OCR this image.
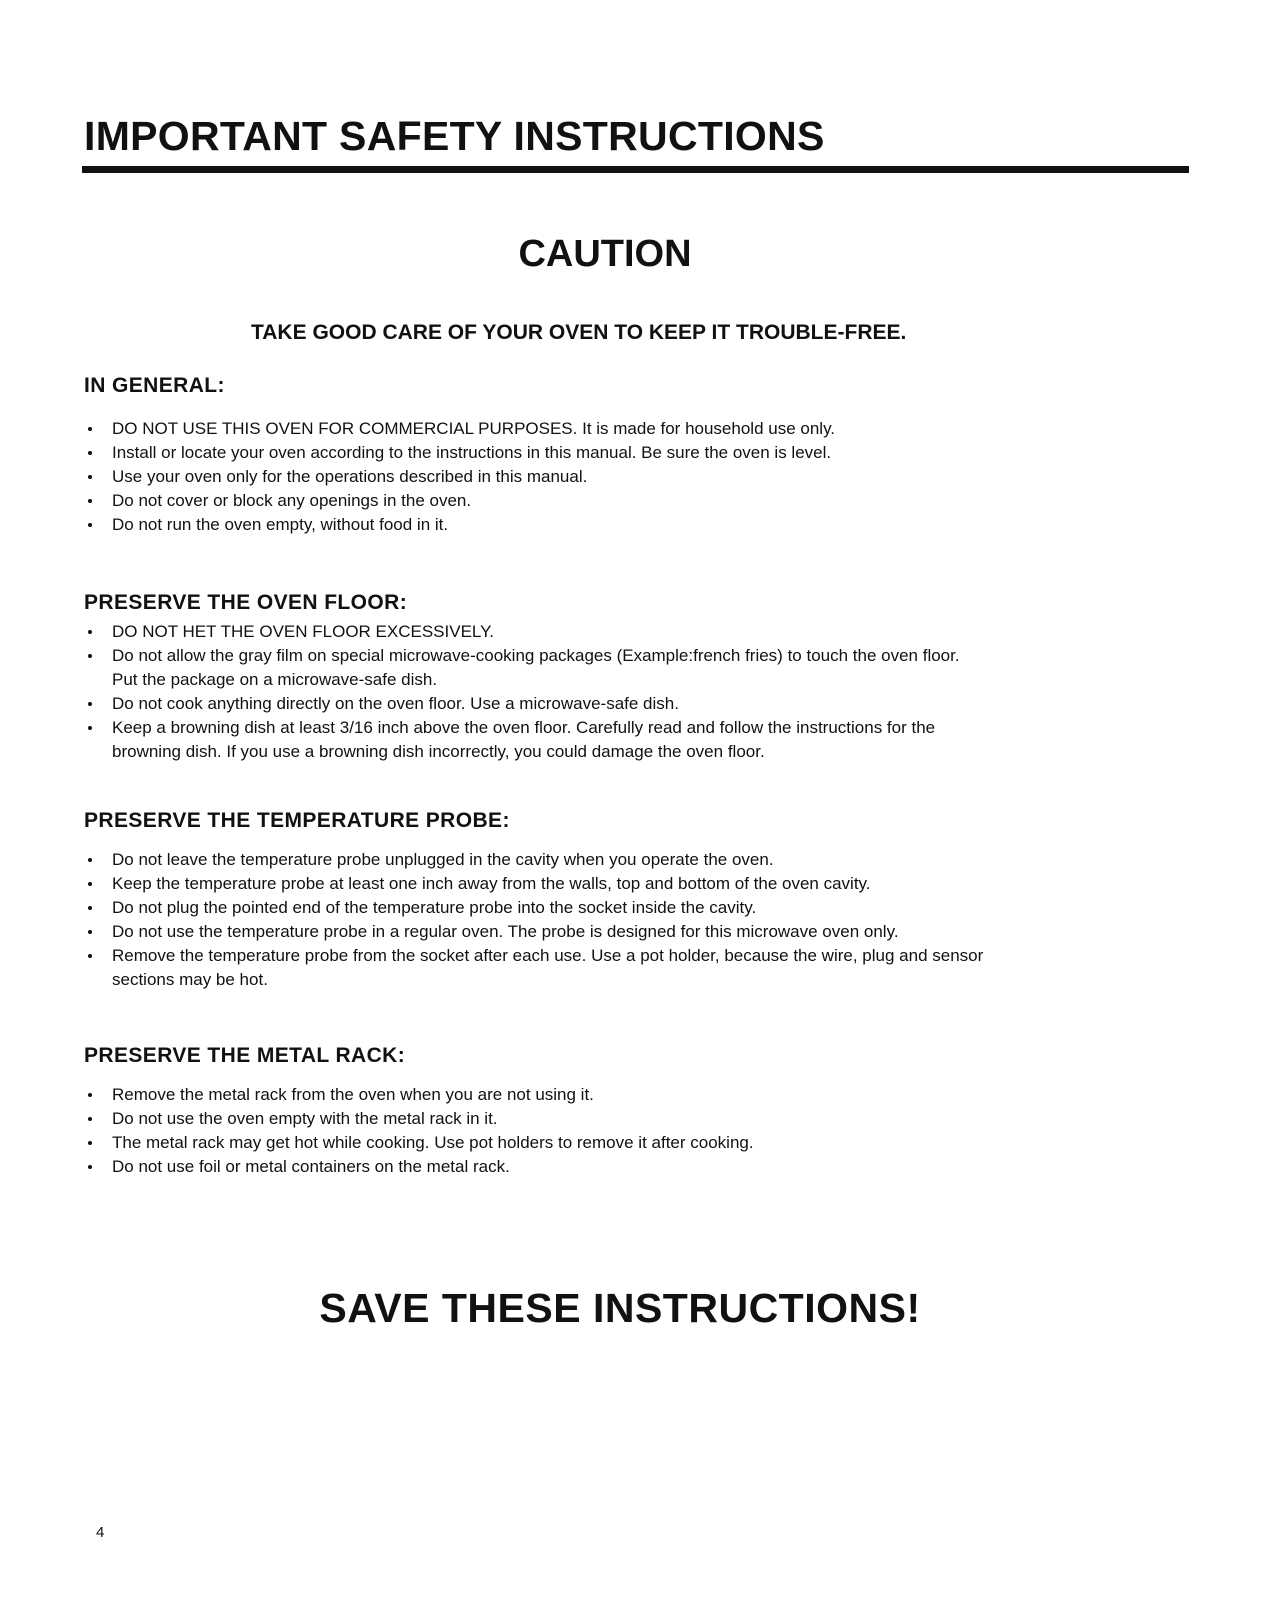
IMPORTANT SAFETY INSTRUCTIONS
CAUTION

TAKE GOOD CARE OF YOUR OVEN TO KEEP IT TROUBLE-FREE.

IN GENERAL:
DO NOT USE THIS OVEN FOR COMMERCIAL PURPOSES. It is made for household use only.
Install or locate your oven according to the instructions in this manual. Be sure the oven is level.
Use your oven only for the operations described in this manual.
Do not cover or block any openings in the oven.
Do not run the oven empty, without food in it.
PRESERVE THE OVEN FLOOR:
DO NOT HET THE OVEN FLOOR EXCESSIVELY.
Do not allow the gray film on special microwave-cooking packages (Example:french fries) to touch the oven floor. Put the package on a microwave-safe dish.
Do not cook anything directly on the oven floor. Use a microwave-safe dish.
Keep a browning dish at least 3/16 inch above the oven floor. Carefully read and follow the instructions for the browning dish. If you use a browning dish incorrectly, you could damage the oven floor.
PRESERVE THE TEMPERATURE PROBE:
Do not leave the temperature probe unplugged in the cavity when you operate the oven.
Keep the temperature probe at least one inch away from the walls, top and bottom of the oven cavity.
Do not plug the pointed end of the temperature probe into the socket inside the cavity.
Do not use the temperature probe in a regular oven. The probe is designed for this microwave oven only.
Remove the temperature probe from the socket after each use. Use a pot holder, because the wire, plug and sensor sections may be hot.
PRESERVE THE METAL RACK:
Remove the metal rack from the oven when you are not using it.
Do not use the oven empty with the metal rack in it.
The metal rack may get hot while cooking. Use pot holders to remove it after cooking.
Do not use foil or metal containers on the metal rack.
SAVE THESE INSTRUCTIONS!
4
